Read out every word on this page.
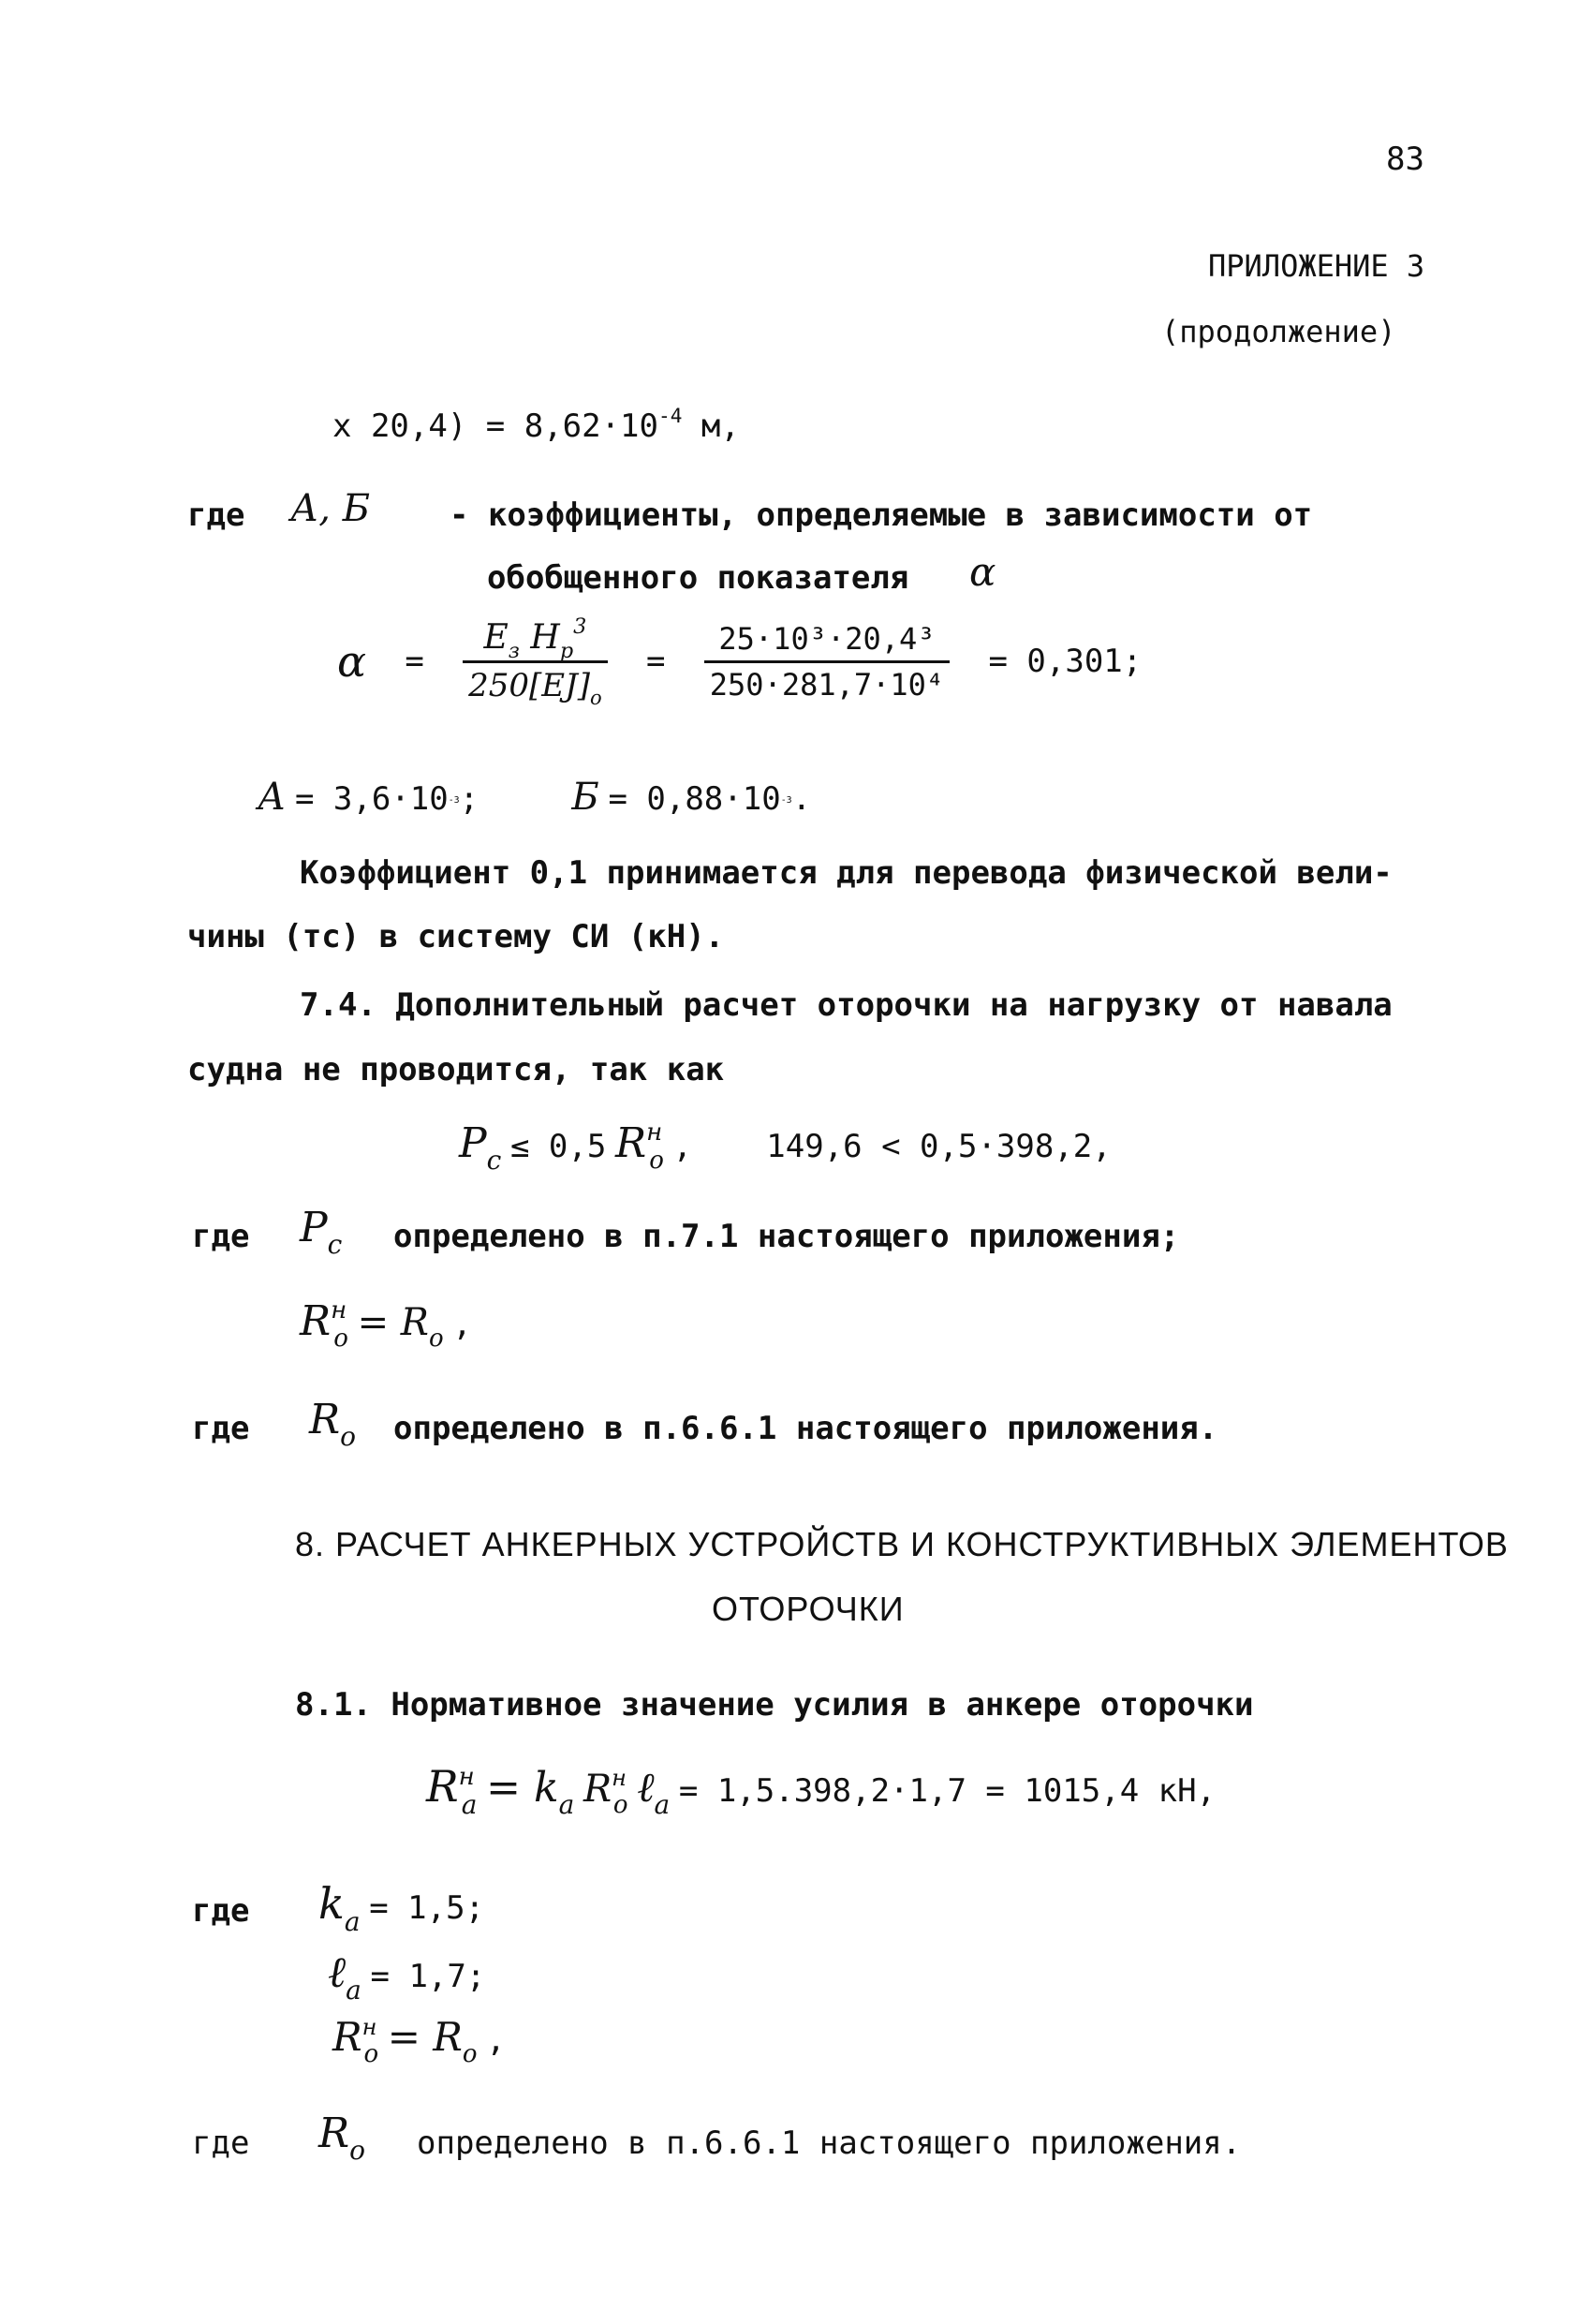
83
ПРИЛОЖЕНИЕ 3
(продолжение)
x $20,4) = 8,62\cdot 10^{-4}$ м,
где А, Б - коэффициенты, определяемые в зависимости от
обобщенного показателя α
$\alpha = \frac{E_з H_р^3}{250[EJ]_о} = \frac{\text{25·10³·20,4³}}{\text{250·281,7·10⁴}} = 0,301$;
$А = 3,6\cdot 10^{-3}$; $Б = 0,88\cdot 10^{-3}$.
Коэффициент 0,1 принимается для перевода физической вели-
чины (тс) в систему СИ (кН).
7.4. Дополнительный расчет оторочки на нагрузку от навала
судна не проводится, так как
Pc ≤ 0,5 Rно , 149,6 < 0,5·398,2,
где Pc определено в п.7.1 настоящего приложения;
Rно = Rо ,
где Rо определено в п.6.6.1 настоящего приложения.
8. РАСЧЕТ АНКЕРНЫХ УСТРОЙСТВ И КОНСТРУКТИВНЫХ ЭЛЕМЕНТОВ
ОТОРОЧКИ
8.1. Нормативное значение усилия в анкере оторочки
Rнa = ka Rно ℓa = 1,5.398,2·1,7 = 1015,4 кН,
где ka = 1,5;
ℓa = 1,7;
Rно = Rо ,
где Rо определено в п.6.6.1 настоящего приложения.
